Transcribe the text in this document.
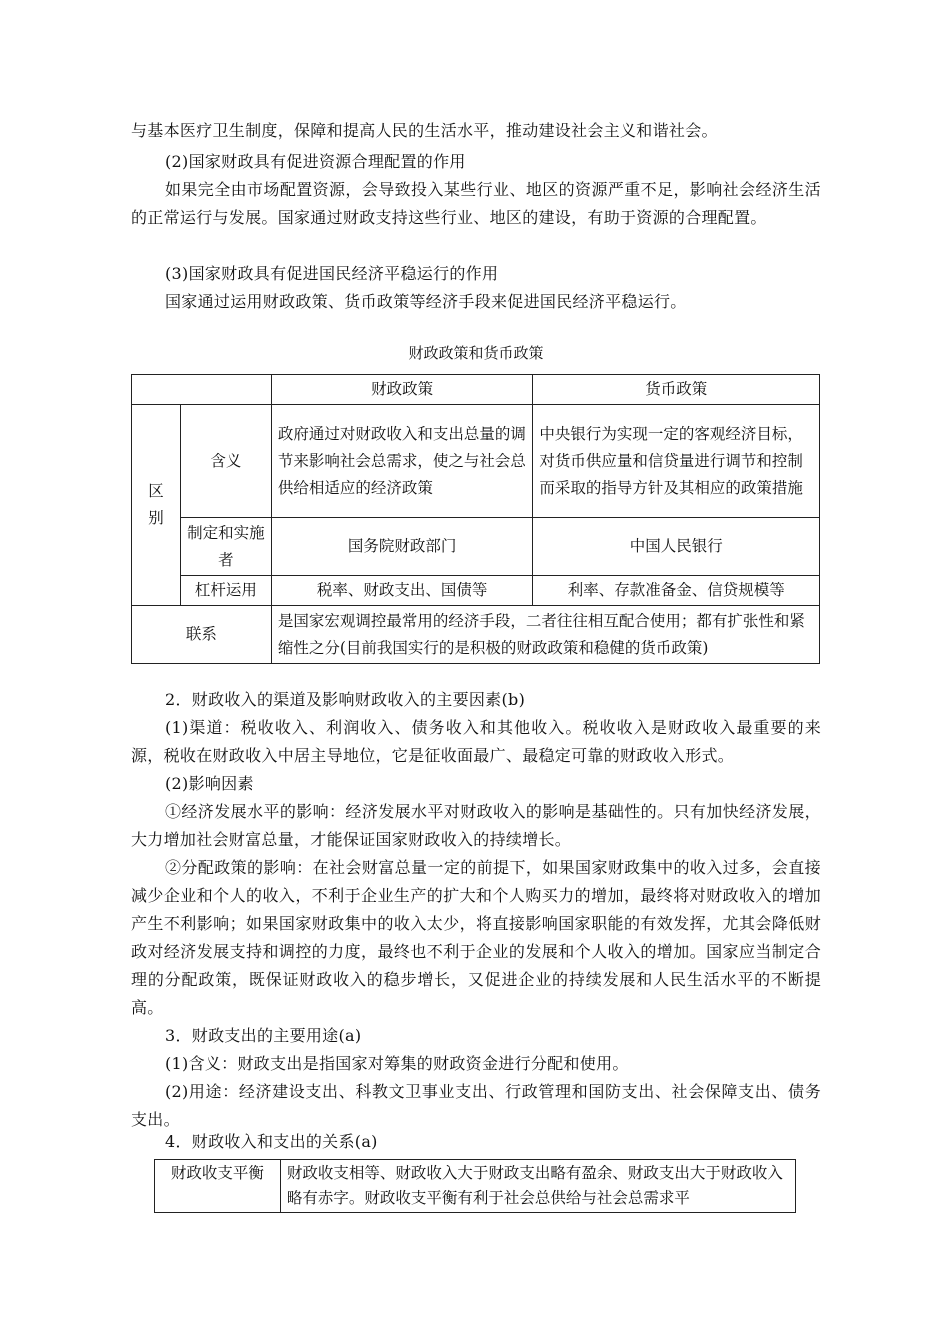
与基本医疗卫生制度，保障和提高人民的生活水平，推动建设社会主义和谐社会。

(2)国家财政具有促进资源合理配置的作用

如果完全由市场配置资源，会导致投入某些行业、地区的资源严重不足，影响社会经济生活的正常运行与发展。国家通过财政支持这些行业、地区的建设，有助于资源的合理配置。

(3)国家财政具有促进国民经济平稳运行的作用

国家通过运用财政政策、货币政策等经济手段来促进国民经济平稳运行。

财政政策和货币政策
		财政政策	货币政策
区别	含义	政府通过对财政收入和支出总量的调节来影响社会总需求，使之与社会总供给相适应的经济政策	中央银行为实现一定的客观经济目标，对货币供应量和信贷量进行调节和控制而采取的指导方针及其相应的政策措施
	制定和实施者	国务院财政部门	中国人民银行
	杠杆运用	税率、财政支出、国债等	利率、存款准备金、信贷规模等
联系		是国家宏观调控最常用的经济手段，二者往往相互配合使用；都有扩张性和紧缩性之分(目前我国实行的是积极的财政政策和稳健的货币政策)	

2．财政收入的渠道及影响财政收入的主要因素(b)

(1)渠道：税收收入、利润收入、债务收入和其他收入。税收收入是财政收入最重要的来源，税收在财政收入中居主导地位，它是征收面最广、最稳定可靠的财政收入形式。

(2)影响因素

①经济发展水平的影响：经济发展水平对财政收入的影响是基础性的。只有加快经济发展，大力增加社会财富总量，才能保证国家财政收入的持续增长。

②分配政策的影响：在社会财富总量一定的前提下，如果国家财政集中的收入过多，会直接减少企业和个人的收入，不利于企业生产的扩大和个人购买力的增加，最终将对财政收入的增加产生不利影响；如果国家财政集中的收入太少，将直接影响国家职能的有效发挥，尤其会降低财政对经济发展支持和调控的力度，最终也不利于企业的发展和个人收入的增加。国家应当制定合理的分配政策，既保证财政收入的稳步增长，又促进企业的持续发展和人民生活水平的不断提高。

3．财政支出的主要用途(a)

(1)含义：财政支出是指国家对筹集的财政资金进行分配和使用。

(2)用途：经济建设支出、科教文卫事业支出、行政管理和国防支出、社会保障支出、债务支出。

4．财政收入和支出的关系(a)

财政收支平衡	财政收支相等、财政收入大于财政支出略有盈余、财政支出大于财政收入略有赤字。财政收支平衡有利于社会总供给与社会总需求平
